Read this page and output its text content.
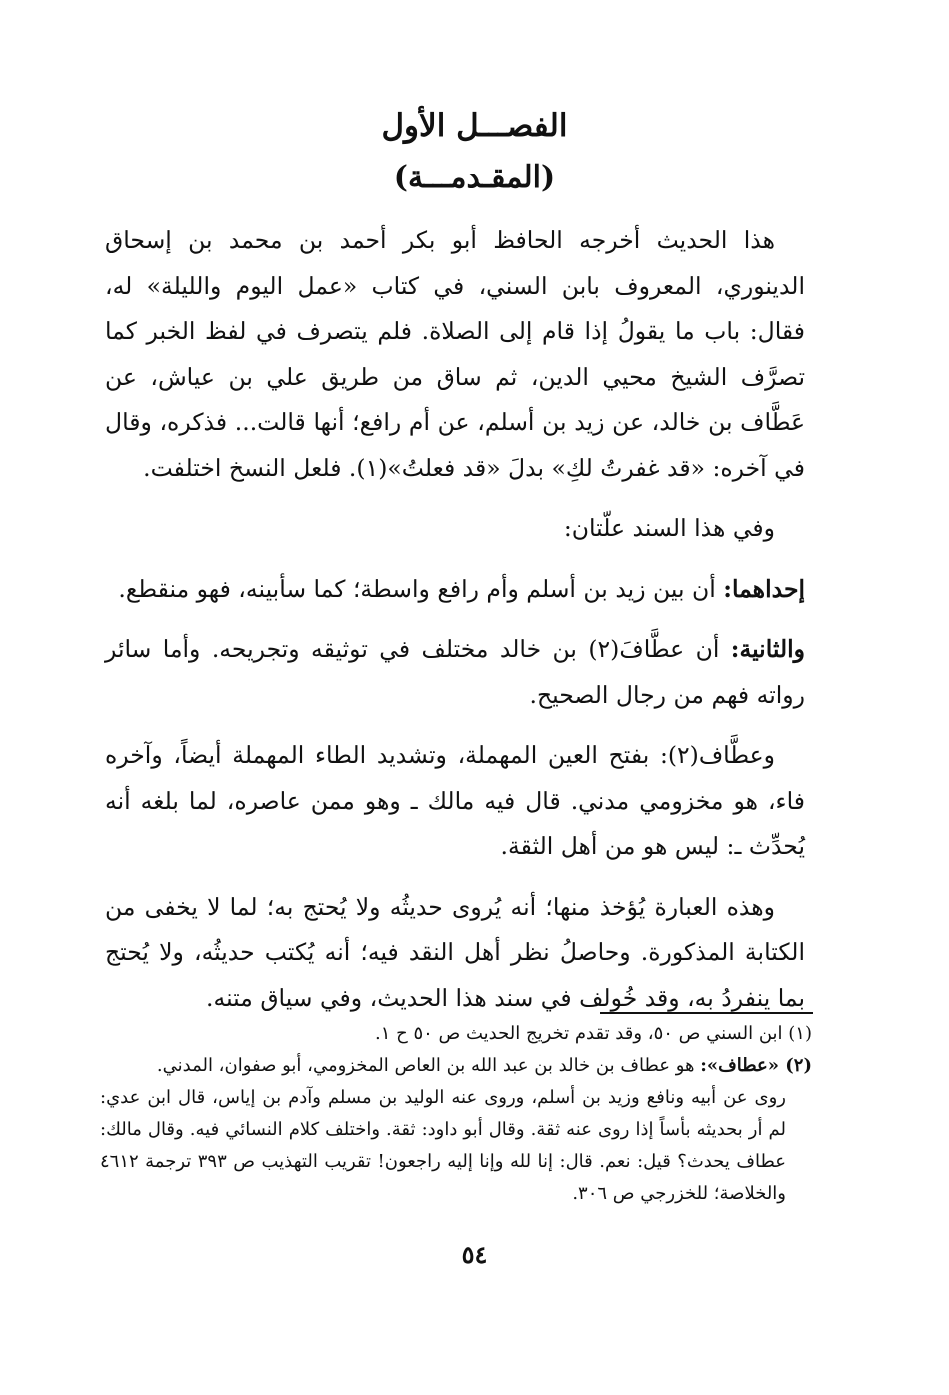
الفصـــل الأول
(المقـدمـــة)

هذا الحديث أخرجه الحافظ أبو بكر أحمد بن محمد بن إسحاق الدينوري، المعروف بابن السني، في كتاب «عمل اليوم والليلة» له، فقال: باب ما يقولُ إذا قام إلى الصلاة. فلم يتصرف في لفظ الخبر كما تصرَّف الشيخ محيي الدين، ثم ساق من طريق علي بن عياش، عن عَطَّاف بن خالد، عن زيد بن أسلم، عن أم رافع؛ أنها قالت... فذكره، وقال في آخره: «قد غفرتُ لكِ» بدلَ «قد فعلتُ»(١). فلعل النسخ اختلفت.

وفي هذا السند علّتان:

إحداهما: أن بين زيد بن أسلم وأم رافع واسطة؛ كما سأبينه، فهو منقطع.

والثانية: أن عطَّافَ(٢) بن خالد مختلف في توثيقه وتجريحه. وأما سائر رواته فهم من رجال الصحيح.

وعطَّاف(٢): بفتح العين المهملة، وتشديد الطاء المهملة أيضاً، وآخره فاء، هو مخزومي مدني. قال فيه مالك ـ وهو ممن عاصره، لما بلغه أنه يُحدِّث ـ: ليس هو من أهل الثقة.

وهذه العبارة يُؤخذ منها؛ أنه يُروى حديثُه ولا يُحتج به؛ لما لا يخفى من الكتابة المذكورة. وحاصلُ نظر أهل النقد فيه؛ أنه يُكتب حديثُه، ولا يُحتج بما ينفردُ به، وقد خُولف في سند هذا الحديث، وفي سياق متنه.

(١) ابن السني ص ٥٠، وقد تقدم تخريج الحديث ص ٥٠ ح ١.

(٢) «عطاف»: هو عطاف بن خالد بن عبد الله بن العاص المخزومي، أبو صفوان، المدني.

روى عن أبيه ونافع وزيد بن أسلم، وروى عنه الوليد بن مسلم وآدم بن إياس، قال ابن عدي: لم أر بحديثه بأساً إذا روى عنه ثقة. وقال أبو داود: ثقة. واختلف كلام النسائي فيه. وقال مالك: عطاف يحدث؟ قيل: نعم. قال: إنا لله وإنا إليه راجعون! تقريب التهذيب ص ٣٩٣ ترجمة ٤٦١٢ والخلاصة؛ للخزرجي ص ٣٠٦.

٥٤
